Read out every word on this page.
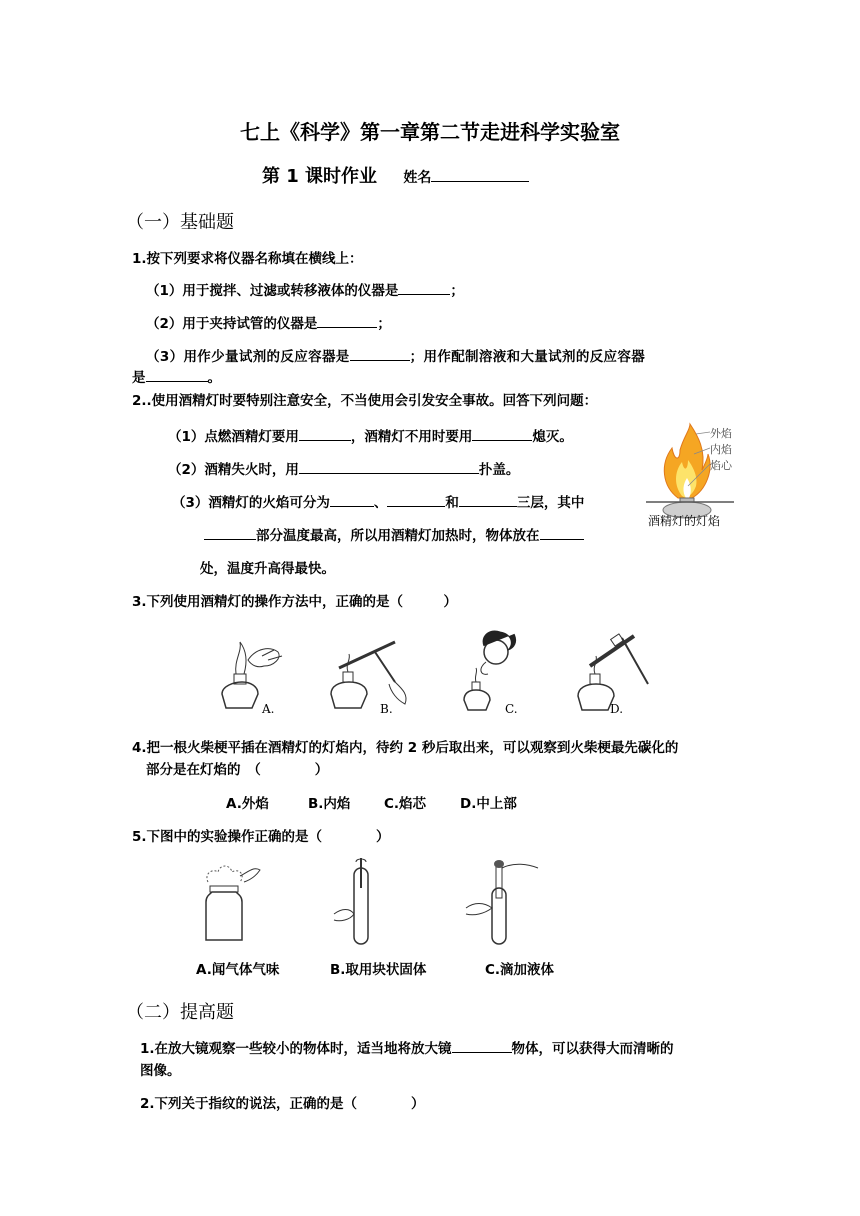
七上《科学》第一章第二节走进科学实验室
第 1 课时作业 姓名
（一）基础题
1.按下列要求将仪器名称填在横线上：
（1）用于搅拌、过滤或转移液体的仪器是	；
（2）用于夹持试管的仪器是	；
（3）用作少量试剂的反应容器是	；用作配制溶液和大量试剂的反应容器
是	。
2..使用酒精灯时要特别注意安全，不当使用会引发安全事故。回答下列问题：
（1）点燃酒精灯要用	，酒精灯不用时要用	熄灭。
（2）酒精失火时，用	扑盖。
（3）酒精灯的火焰可分为	、	和	三层，其中
部分温度最高，所以用酒精灯加热时，物体放在
处，温度升高得最快。
外焰
内焰
焰心
酒精灯的灯焰
3.下列使用酒精灯的操作方法中，正确的是（　　　）
A.	B.	C.	D.
4.把一根火柴梗平插在酒精灯的灯焰内，待约 2 秒后取出来，可以观察到火柴梗最先碳化的
部分是在灯焰的　（　　　　）
A.外焰	B.内焰 C.焰芯	D.中上部
5.下图中的实验操作正确的是（　　　　）
A.闻气体气味	B.取用块状固体	C.滴加液体
（二）提高题
1.在放大镜观察一些较小的物体时，适当地将放大镜	物体，可以获得大而清晰的
图像。
2.下列关于指纹的说法，正确的是（　　　　）
